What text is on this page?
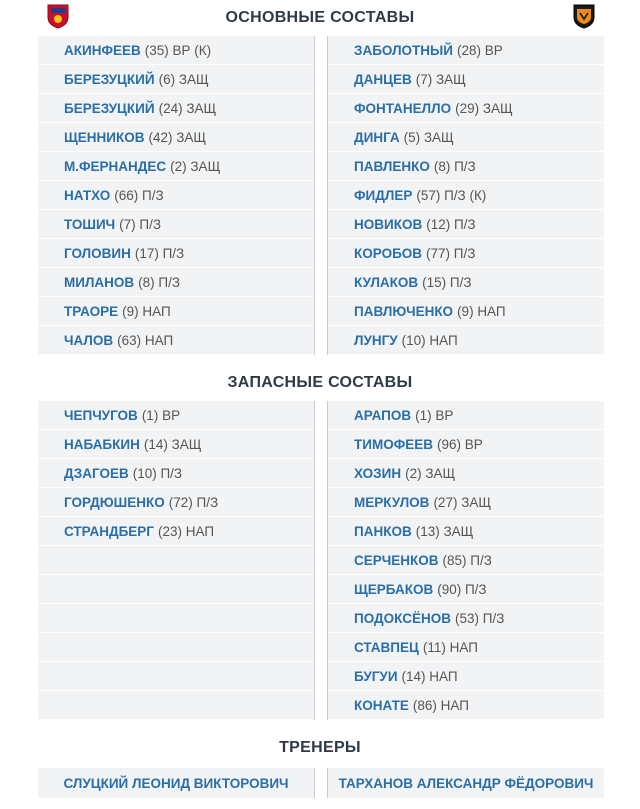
ОСНОВНЫЕ СОСТАВЫ
АКИНФЕЕВ (35) ВР (К)
БЕРЕЗУЦКИЙ (6) ЗАЩ
БЕРЕЗУЦКИЙ (24) ЗАЩ
ЩЕННИКОВ (42) ЗАЩ
М.ФЕРНАНДЕС (2) ЗАЩ
НАТХО (66) П/З
ТОШИЧ (7) П/З
ГОЛОВИН (17) П/З
МИЛАНОВ (8) П/З
ТРАОРЕ (9) НАП
ЧАЛОВ (63) НАП
ЗАБОЛОТНЫЙ (28) ВР
ДАНЦЕВ (7) ЗАЩ
ФОНТАНЕЛЛО (29) ЗАЩ
ДИНГА (5) ЗАЩ
ПАВЛЕНКО (8) П/З
ФИДЛЕР (57) П/З (К)
НОВИКОВ (12) П/З
КОРОБОВ (77) П/З
КУЛАКОВ (15) П/З
ПАВЛЮЧЕНКО (9) НАП
ЛУНГУ (10) НАП
ЗАПАСНЫЕ СОСТАВЫ
ЧЕПЧУГОВ (1) ВР
НАБАБКИН (14) ЗАЩ
ДЗАГОЕВ (10) П/З
ГОРДЮШЕНКО (72) П/З
СТРАНДБЕРГ (23) НАП
АРАПОВ (1) ВР
ТИМОФЕЕВ (96) ВР
ХОЗИН (2) ЗАЩ
МЕРКУЛОВ (27) ЗАЩ
ПАНКОВ (13) ЗАЩ
СЕРЧЕНКОВ (85) П/З
ЩЕРБАКОВ (90) П/З
ПОДОКСЁНОВ (53) П/З
СТАВПЕЦ (11) НАП
БУГУИ (14) НАП
КОНАТЕ (86) НАП
ТРЕНЕРЫ
СЛУЦКИЙ ЛЕОНИД ВИКТОРОВИЧ	ТАРХАНОВ АЛЕКСАНДР ФЁДОРОВИЧ
